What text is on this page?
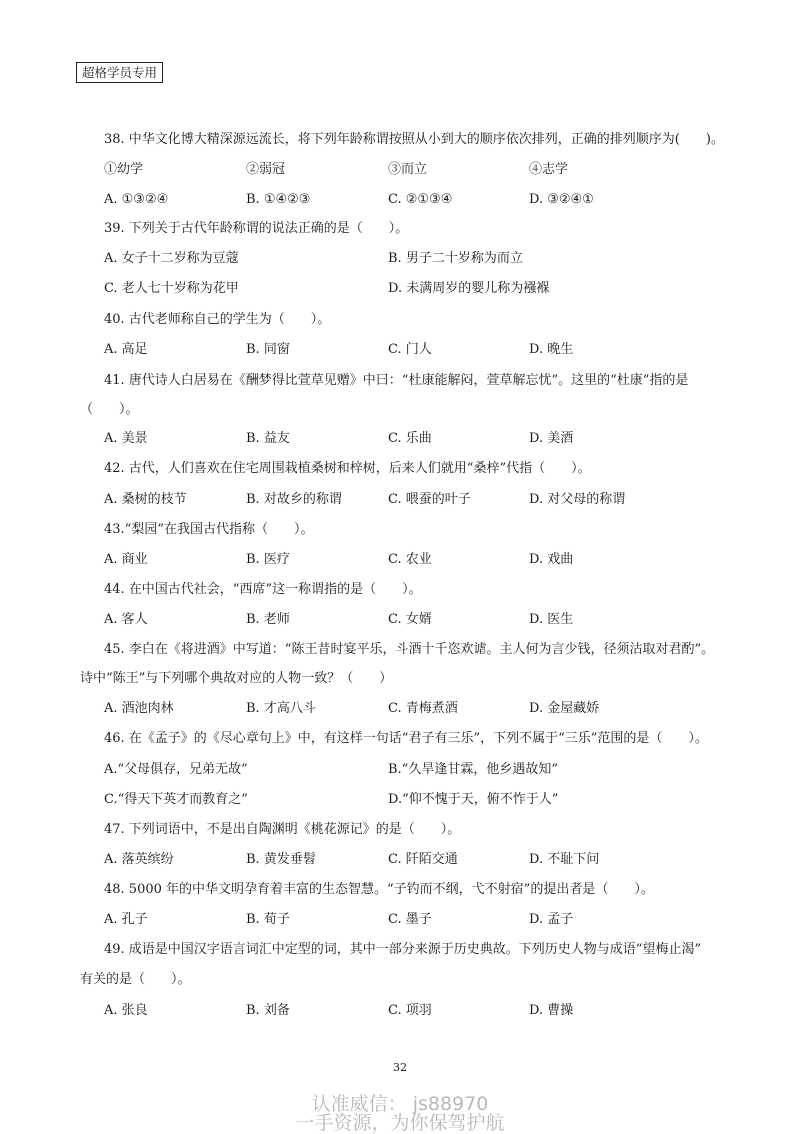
超格学员专用
38. 中华文化博大精深源远流长，将下列年龄称谓按照从小到大的顺序依次排列，正确的排列顺序为(　　)。
①幼学	②弱冠	③而立	④志学
A. ①③②④	B. ①④②③	C. ②①③④	D. ③②④①
39. 下列关于古代年龄称谓的说法正确的是（　　）。
A. 女子十二岁称为豆蔻	B. 男子二十岁称为而立
C. 老人七十岁称为花甲	D. 未满周岁的婴儿称为襁褓
40. 古代老师称自己的学生为（　　）。
A. 高足	B. 同窗	C. 门人	D. 晚生
41. 唐代诗人白居易在《酬梦得比萱草见赠》中曰：“杜康能解闷，萱草解忘忧”。这里的“杜康”指的是
（　　）。
A. 美景	B. 益友	C. 乐曲	D. 美酒
42. 古代，人们喜欢在住宅周围栽植桑树和梓树，后来人们就用“桑梓”代指（　　）。
A. 桑树的枝节	B. 对故乡的称谓	C. 喂蚕的叶子	D. 对父母的称谓
43.“梨园”在我国古代指称（　　）。
A. 商业	B. 医疗	C. 农业	D. 戏曲
44. 在中国古代社会，“西席”这一称谓指的是（　　）。
A. 客人	B. 老师	C. 女婿	D. 医生
45. 李白在《将进酒》中写道：“陈王昔时宴平乐，斗酒十千恣欢谑。主人何为言少钱，径须沽取对君酌”。
诗中“陈王”与下列哪个典故对应的人物一致？（　　）
A. 酒池肉林	B. 才高八斗	C. 青梅煮酒	D. 金屋藏娇
46. 在《孟子》的《尽心章句上》中，有这样一句话“君子有三乐”，下列不属于“三乐”范围的是（　　）。
A.“父母俱存，兄弟无故”	B.“久旱逢甘霖，他乡遇故知”
C.“得天下英才而教育之”	D.“仰不愧于天，俯不怍于人”
47. 下列词语中，不是出自陶渊明《桃花源记》的是（　　）。
A. 落英缤纷	B. 黄发垂髫	C. 阡陌交通	D. 不耻下问
48. 5000 年的中华文明孕育着丰富的生态智慧。“子钓而不纲，弋不射宿”的提出者是（　　）。
A. 孔子	B. 荀子	C. 墨子	D. 孟子
49. 成语是中国汉字语言词汇中定型的词，其中一部分来源于历史典故。下列历史人物与成语“望梅止渴”
有关的是（　　）。
A. 张良	B. 刘备	C. 项羽	D. 曹操
32
认准威信： js88970
一手资源，为你保驾护航
